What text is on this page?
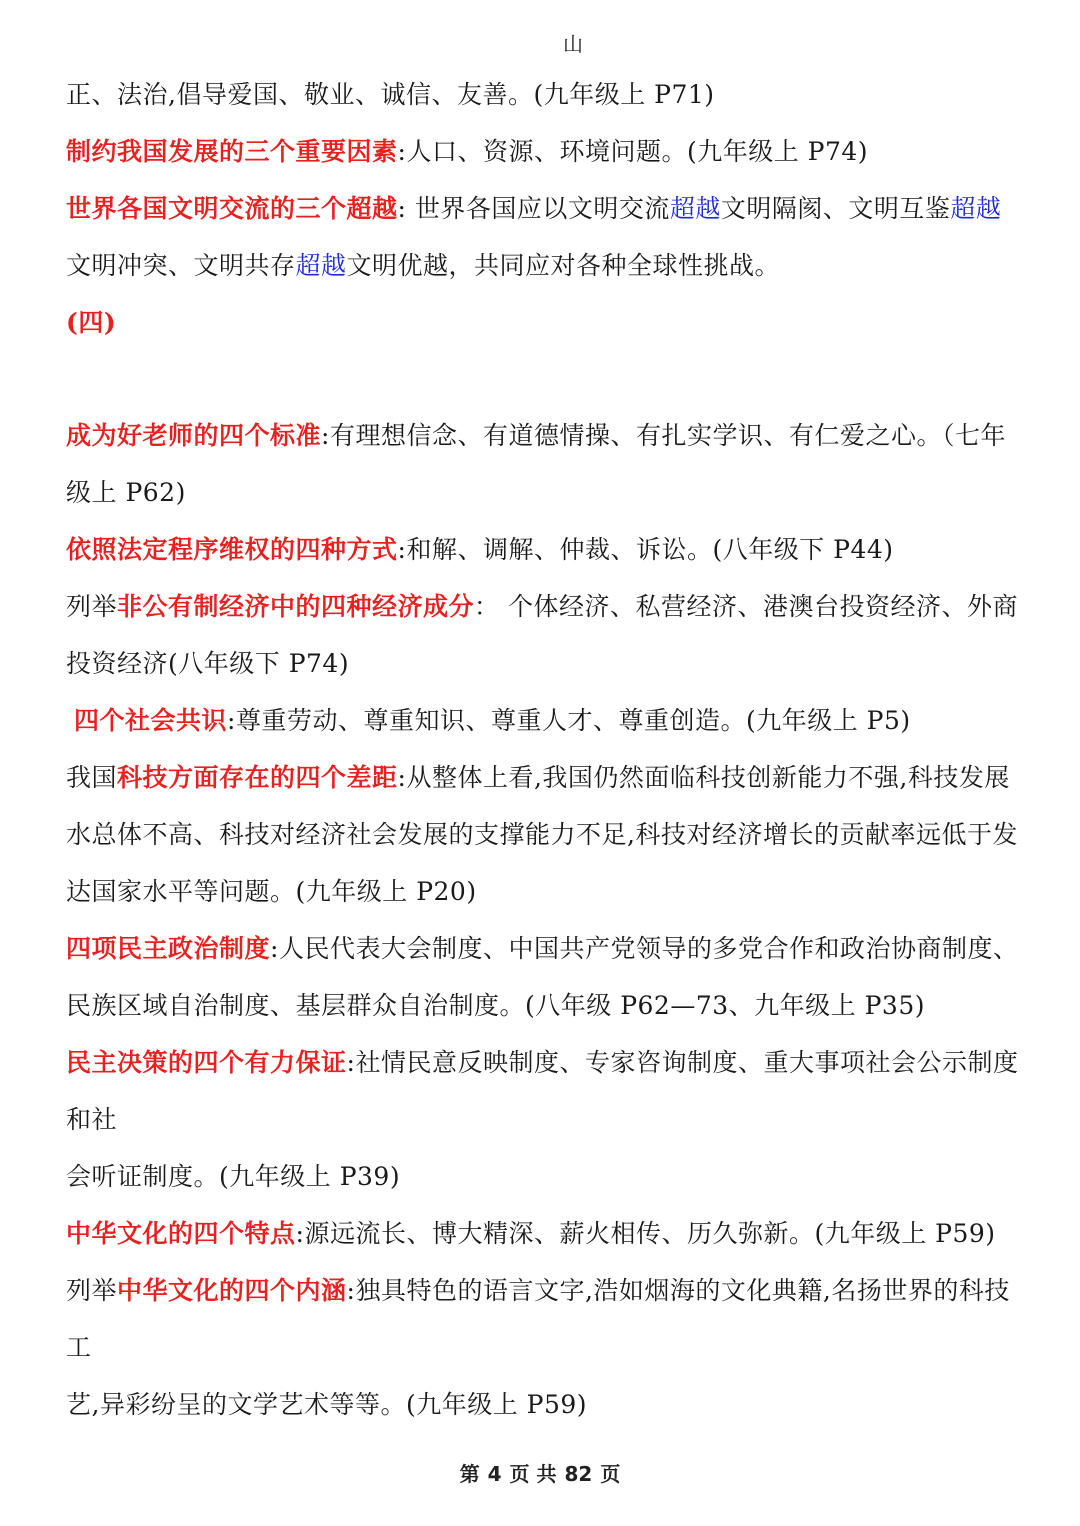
山
正、法治,倡导爱国、敬业、诚信、友善。(九年级上 P71)
制约我国发展的三个重要因素:人口、资源、环境问题。(九年级上 P74)
世界各国文明交流的三个超越: 世界各国应以文明交流超越文明隔阂、文明互鉴超越
文明冲突、文明共存超越文明优越，共同应对各种全球性挑战。
(四)
成为好老师的四个标准:有理想信念、有道德情操、有扎实学识、有仁爱之心。（七年
级上 P62)
依照法定程序维权的四种方式:和解、调解、仲裁、诉讼。(八年级下 P44)
列举非公有制经济中的四种经济成分： 个体经济、私营经济、港澳台投资经济、外商
投资经济(八年级下 P74)
四个社会共识:尊重劳动、尊重知识、尊重人才、尊重创造。(九年级上 P5)
我国科技方面存在的四个差距:从整体上看,我国仍然面临科技创新能力不强,科技发展
水总体不高、科技对经济社会发展的支撑能力不足,科技对经济增长的贡献率远低于发
达国家水平等问题。(九年级上 P20)
四项民主政治制度:人民代表大会制度、中国共产党领导的多党合作和政治协商制度、
民族区域自治制度、基层群众自治制度。(八年级 P62—73、九年级上 P35)
民主决策的四个有力保证:社情民意反映制度、专家咨询制度、重大事项社会公示制度
和社
会听证制度。(九年级上 P39)
中华文化的四个特点:源远流长、博大精深、薪火相传、历久弥新。(九年级上 P59)
列举中华文化的四个内涵:独具特色的语言文字,浩如烟海的文化典籍,名扬世界的科技
工
艺,异彩纷呈的文学艺术等等。(九年级上 P59)
第 4 页 共 82 页
